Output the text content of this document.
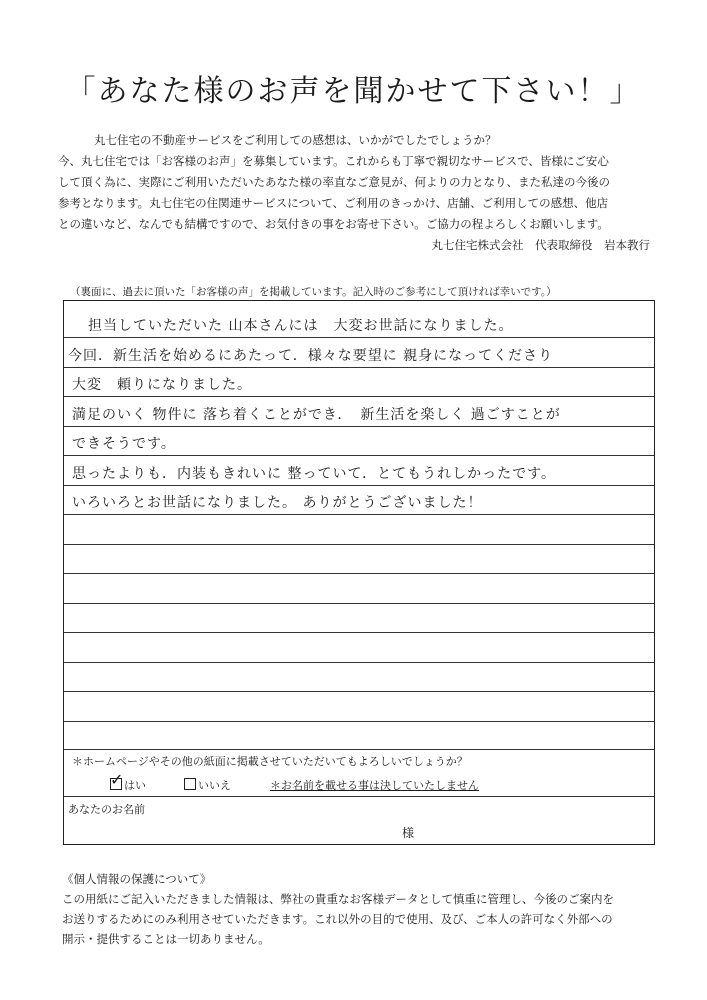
「あなた様のお声を聞かせて下さい！」

丸七住宅の不動産サービスをご利用しての感想は、いかがでしたでしょうか？

今、丸七住宅では「お客様のお声」を募集しています。これからも丁寧で親切なサービスで、皆様にご安心

して頂く為に、実際にご利用いただいたあなた様の率直なご意見が、何よりの力となり、また私達の今後の

参考となります。丸七住宅の住関連サービスについて、ご利用のきっかけ、店舗、ご利用しての感想、他店

との違いなど、なんでも結構ですので、お気付きの事をお寄せ下さい。ご協力の程よろしくお願いします。

丸七住宅株式会社　代表取締役　岩本教行

（裏面に、過去に頂いた「お客様の声」を掲載しています。記入時のご参考にして頂ければ幸いです。）
担当していただいた 山本さんには　大変お世話になりました。
今回．新生活を始めるにあたって．様々な要望に 親身になってくださり
大変　頼りになりました。
満足のいく 物件に 落ち着くことができ．　新生活を楽しく 過ごすことが
できそうです。
思ったよりも．内装もきれいに 整っていて．とてもうれしかったです。
いろいろとお世話になりました。 ありがとうございました！
＊ホームページやその他の紙面に掲載させていただいてもよろしいでしょうか？
✓ はい	いいえ	＊お名前を載せる事は決していたしません
あなたのお名前
様

《個人情報の保護について》

この用紙にご記入いただきました情報は、弊社の貴重なお客様データとして慎重に管理し、今後のご案内を

お送りするためにのみ利用させていただきます。これ以外の目的で使用、及び、ご本人の許可なく外部への

開示・提供することは一切ありません。
